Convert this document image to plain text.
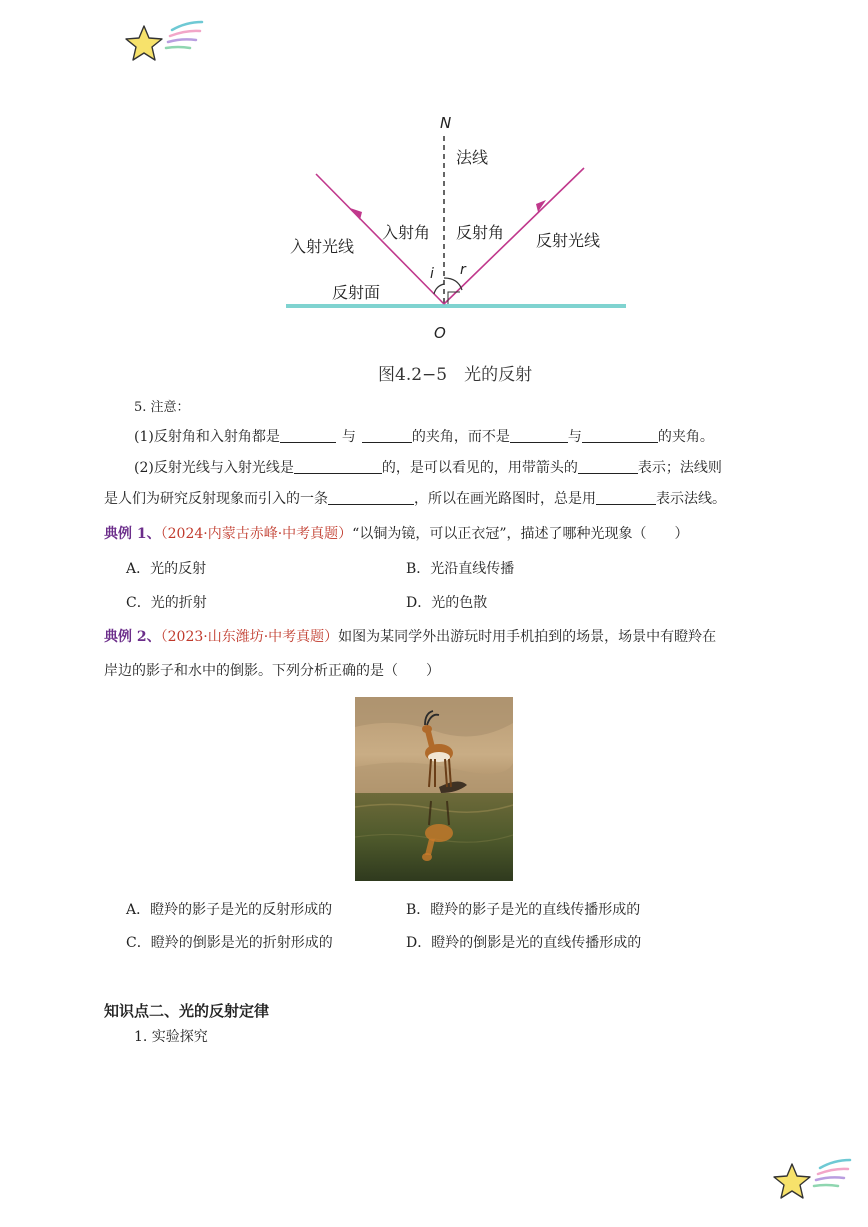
N
法线
入射光线
入射角 反射角 反射光线
i r
反射面
O
图4.2−5　光的反射
5. 注意：
(1)反射角和入射角都是	与	的夹角，而不是	与	的夹角。
(2)反射光线与入射光线是	的，是可以看见的，用带箭头的	表示；法线则
是人们为研究反射现象而引入的一条	，所以在画光路图时，总是用	表示法线。
典例 1、（2024·内蒙古赤峰·中考真题）“以铜为镜，可以正衣冠”，描述了哪种光现象（　　）
A．光的反射	B．光沿直线传播
C．光的折射	D．光的色散
典例 2、（2023·山东潍坊·中考真题）如图为某同学外出游玩时用手机拍到的场景，场景中有瞪羚在
岸边的影子和水中的倒影。下列分析正确的是（　　）
A．瞪羚的影子是光的反射形成的	B．瞪羚的影子是光的直线传播形成的
C．瞪羚的倒影是光的折射形成的	D．瞪羚的倒影是光的直线传播形成的
知识点二、光的反射定律
1. 实验探究
